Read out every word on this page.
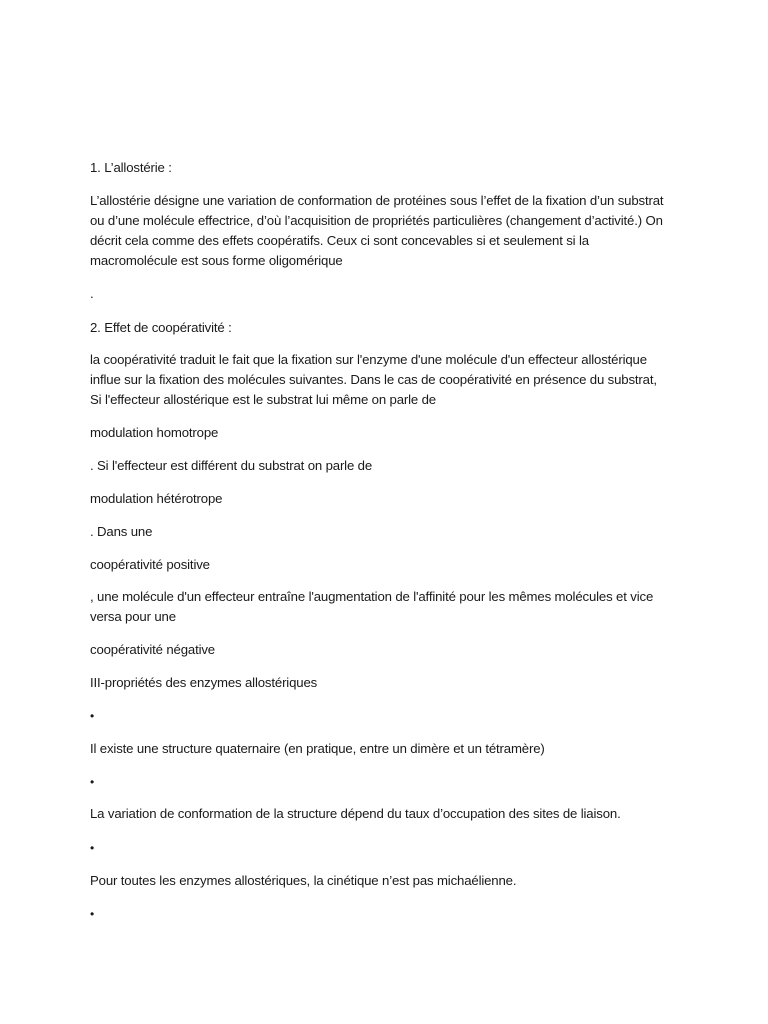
1. L’allostérie :
L’allostérie désigne une variation de conformation de protéines sous l’effet de la fixation d’un substrat ou d’une molécule effectrice, d’où l’acquisition de propriétés particulières (changement d’activité.) On décrit cela comme des effets coopératifs. Ceux ci sont concevables si et seulement si la macromolécule est sous forme oligomérique
.
2. Effet de coopérativité :
la coopérativité traduit le fait que la fixation sur l'enzyme d'une molécule d'un effecteur allostérique influe sur la fixation des molécules suivantes. Dans le cas de coopérativité en présence du substrat, Si l'effecteur allostérique est le substrat lui même on parle de
modulation homotrope
. Si l'effecteur est différent du substrat on parle de
modulation hétérotrope
. Dans une
coopérativité positive
, une molécule d'un effecteur entraîne l'augmentation de l'affinité pour les mêmes molécules et vice versa pour une
coopérativité négative
III-propriétés des enzymes allostériques
•
Il existe une structure quaternaire (en pratique, entre un dimère et un tétramère)
•
La variation de conformation de la structure dépend du taux d’occupation des sites de liaison.
•
Pour toutes les enzymes allostériques, la cinétique n’est pas michaélienne.
•
